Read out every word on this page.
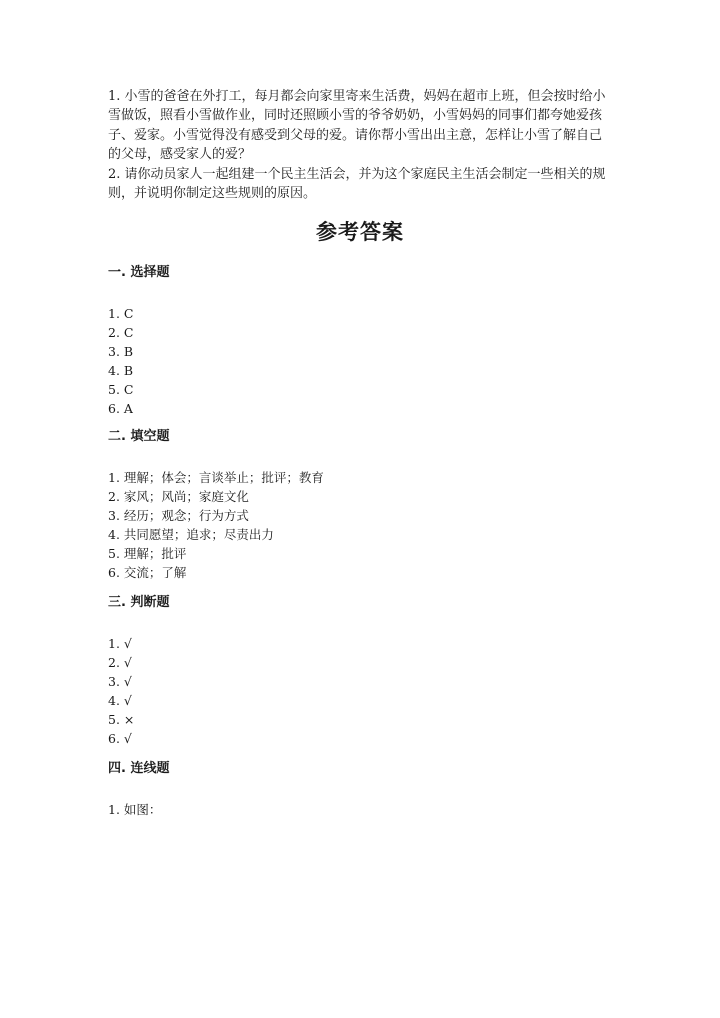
1. 小雪的爸爸在外打工，每月都会向家里寄来生活费，妈妈在超市上班，但会按时给小雪做饭，照看小雪做作业，同时还照顾小雪的爷爷奶奶，小雪妈妈的同事们都夸她爱孩子、爱家。小雪觉得没有感受到父母的爱。请你帮小雪出出主意，怎样让小雪了解自己的父母，感受家人的爱？

2. 请你动员家人一起组建一个民主生活会，并为这个家庭民主生活会制定一些相关的规则，并说明你制定这些规则的原因。

参考答案
一. 选择题
1. C
2. C
3. B
4. B
5. C
6. A
二. 填空题
1. 理解；体会；言谈举止；批评；教育
2. 家风；风尚；家庭文化
3. 经历；观念；行为方式
4. 共同愿望；追求；尽责出力
5. 理解；批评
6. 交流；了解
三. 判断题
1. √
2. √
3. √
4. √
5. ×
6. √
四. 连线题
1. 如图：
